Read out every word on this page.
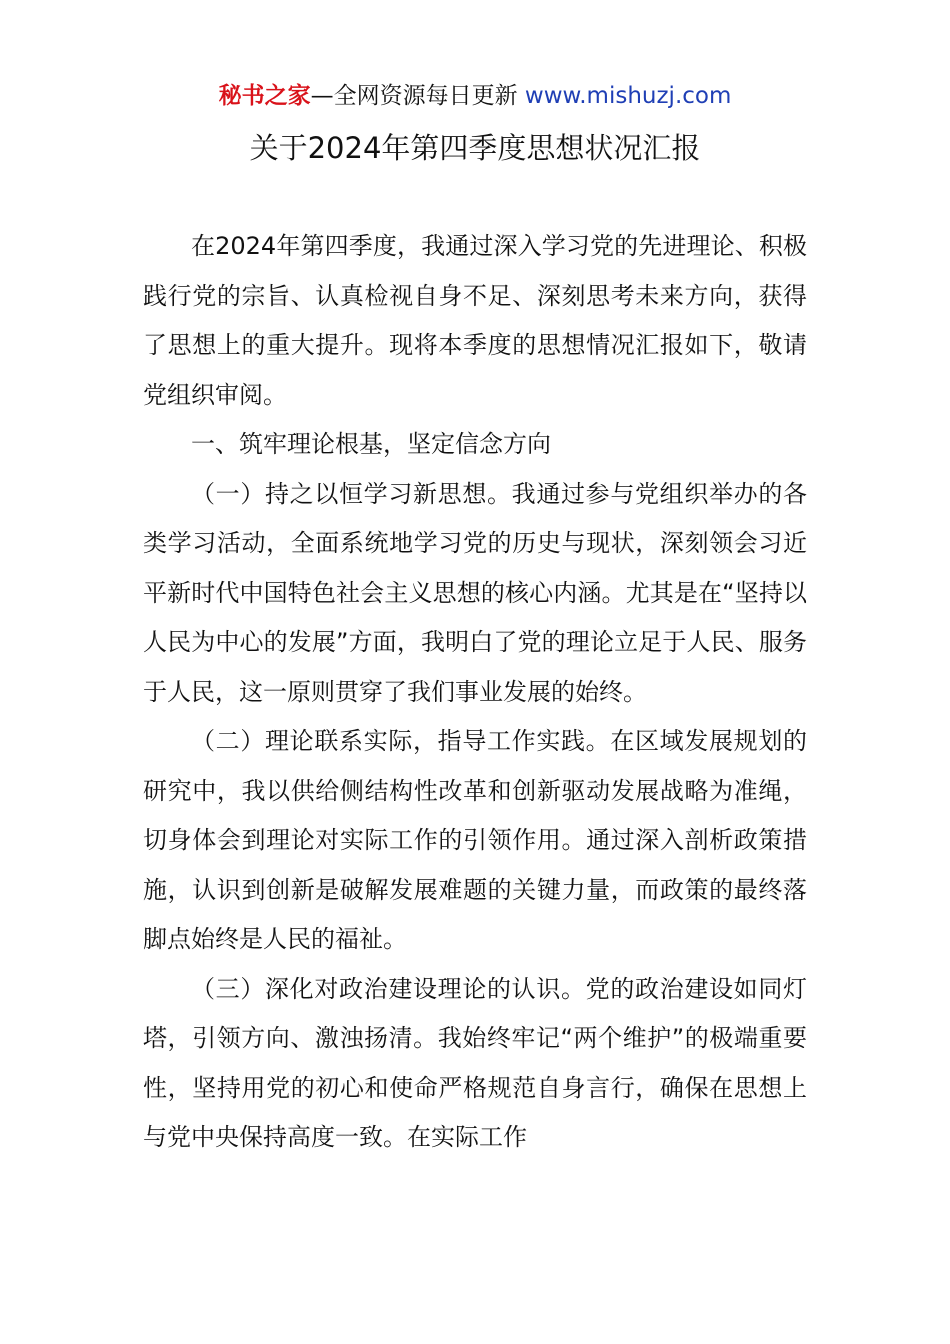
秘书之家—全网资源每日更新 www.mishuzj.com
关于2024年第四季度思想状况汇报

在2024年第四季度，我通过深入学习党的先进理论、积极践行党的宗旨、认真检视自身不足、深刻思考未来方向，获得了思想上的重大提升。现将本季度的思想情况汇报如下，敬请党组织审阅。

一、筑牢理论根基，坚定信念方向

（一）持之以恒学习新思想。我通过参与党组织举办的各类学习活动，全面系统地学习党的历史与现状，深刻领会习近平新时代中国特色社会主义思想的核心内涵。尤其是在“坚持以人民为中心的发展”方面，我明白了党的理论立足于人民、服务于人民，这一原则贯穿了我们事业发展的始终。

（二）理论联系实际，指导工作实践。在区域发展规划的研究中，我以供给侧结构性改革和创新驱动发展战略为准绳，切身体会到理论对实际工作的引领作用。通过深入剖析政策措施，认识到创新是破解发展难题的关键力量，而政策的最终落脚点始终是人民的福祉。

（三）深化对政治建设理论的认识。党的政治建设如同灯塔，引领方向、激浊扬清。我始终牢记“两个维护”的极端重要性，坚持用党的初心和使命严格规范自身言行，确保在思想上与党中央保持高度一致。在实际工作
